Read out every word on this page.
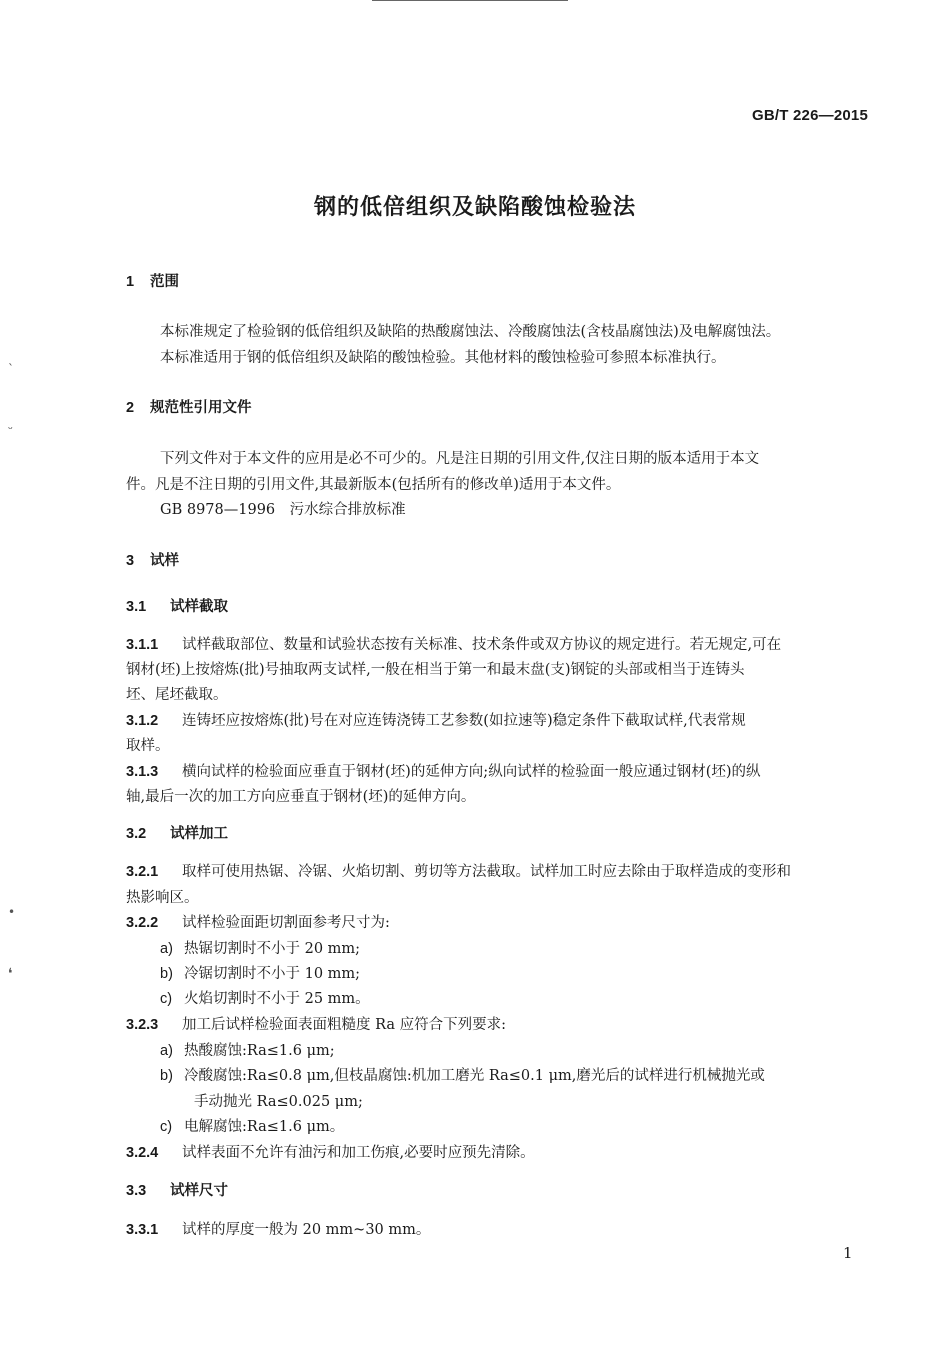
GB/T 226—2015
钢的低倍组织及缺陷酸蚀检验法
1 范围
本标准规定了检验钢的低倍组织及缺陷的热酸腐蚀法、冷酸腐蚀法(含枝晶腐蚀法)及电解腐蚀法。
本标准适用于钢的低倍组织及缺陷的酸蚀检验。其他材料的酸蚀检验可参照本标准执行。
2 规范性引用文件
下列文件对于本文件的应用是必不可少的。凡是注日期的引用文件,仅注日期的版本适用于本文
件。凡是不注日期的引用文件,其最新版本(包括所有的修改单)适用于本文件。
GB 8978—1996　污水综合排放标准
3 试样
3.1 试样截取
3.1.1 试样截取部位、数量和试验状态按有关标准、技术条件或双方协议的规定进行。若无规定,可在
钢材(坯)上按熔炼(批)号抽取两支试样,一般在相当于第一和最末盘(支)钢锭的头部或相当于连铸头
坯、尾坯截取。
3.1.2 连铸坯应按熔炼(批)号在对应连铸浇铸工艺参数(如拉速等)稳定条件下截取试样,代表常规
取样。
3.1.3 横向试样的检验面应垂直于钢材(坯)的延伸方向;纵向试样的检验面一般应通过钢材(坯)的纵
轴,最后一次的加工方向应垂直于钢材(坯)的延伸方向。
3.2 试样加工
3.2.1 取样可使用热锯、冷锯、火焰切割、剪切等方法截取。试样加工时应去除由于取样造成的变形和
热影响区。
3.2.2 试样检验面距切割面参考尺寸为:
a) 热锯切割时不小于 20 mm;
b) 冷锯切割时不小于 10 mm;
c) 火焰切割时不小于 25 mm。
3.2.3 加工后试样检验面表面粗糙度 Ra 应符合下列要求:
a) 热酸腐蚀:Ra≤1.6 μm;
b) 冷酸腐蚀:Ra≤0.8 μm,但枝晶腐蚀:机加工磨光 Ra≤0.1 μm,磨光后的试样进行机械抛光或
手动抛光 Ra≤0.025 μm;
c) 电解腐蚀:Ra≤1.6 μm。
3.2.4 试样表面不允许有油污和加工伤痕,必要时应预先清除。
3.3 试样尺寸
3.3.1 试样的厚度一般为 20 mm~30 mm。
ˋ
ᵕ
•
❛
1
